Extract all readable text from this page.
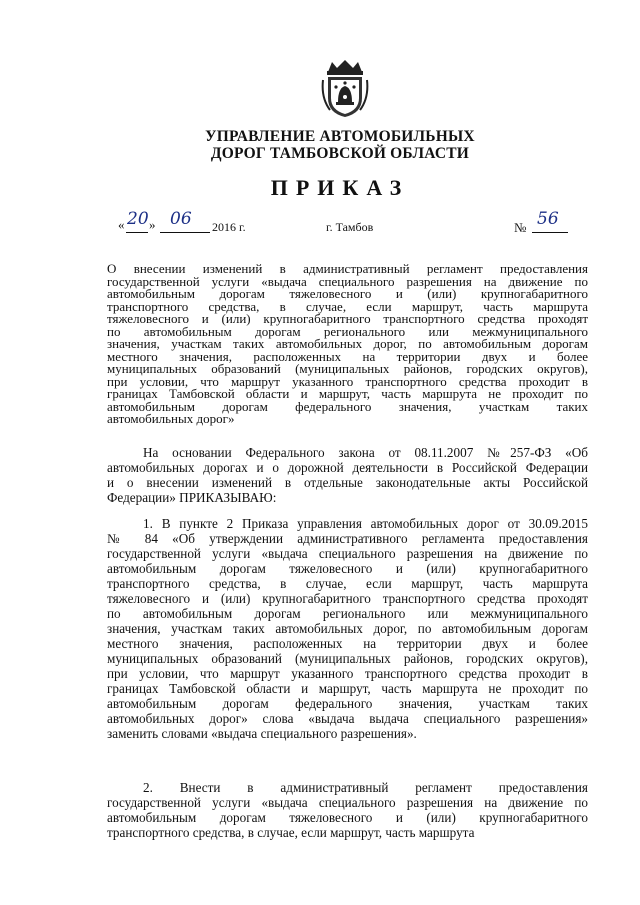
УПРАВЛЕНИЕ АВТОМОБИЛЬНЫХ
ДОРОГ ТАМБОВСКОЙ ОБЛАСТИ
ПРИКАЗ
« 20 » 06 2016 г.	г. Тамбов	№ 56
О внесении изменений в административный регламент предоставления
государственной услуги «выдача специального разрешения на движение по
автомобильным дорогам тяжеловесного и (или) крупногабаритного
транспортного средства, в случае, если маршрут, часть маршрута
тяжеловесного и (или) крупногабаритного транспортного средства проходят
по автомобильным дорогам регионального или межмуниципального
значения, участкам таких автомобильных дорог, по автомобильным дорогам
местного значения, расположенных на территории двух и более
муниципальных образований (муниципальных районов, городских округов),
при условии, что маршрут указанного транспортного средства проходит в
границах Тамбовской области и маршрут, часть маршрута не проходит по
автомобильным дорогам федерального значения, участкам таких
автомобильных дорог»
На основании Федерального закона от 08.11.2007 №257-ФЗ «Об
автомобильных дорогах и о дорожной деятельности в Российской Федерации
и о внесении изменений в отдельные законодательные акты Российской
Федерации» ПРИКАЗЫВАЮ:
1. В пункте 2 Приказа управления автомобильных дорог от 30.09.2015
№ 84 «Об утверждении административного регламента предоставления
государственной услуги «выдача специального разрешения на движение по
автомобильным дорогам тяжеловесного и (или) крупногабаритного
транспортного средства, в случае, если маршрут, часть маршрута
тяжеловесного и (или) крупногабаритного транспортного средства проходят
по автомобильным дорогам регионального или межмуниципального
значения, участкам таких автомобильных дорог, по автомобильным дорогам
местного значения, расположенных на территории двух и более
муниципальных образований (муниципальных районов, городских округов),
при условии, что маршрут указанного транспортного средства проходит в
границах Тамбовской области и маршрут, часть маршрута не проходит по
автомобильным дорогам федерального значения, участкам таких
автомобильных дорог» слова «выдача выдача специального разрешения»
заменить словами «выдача специального разрешения».
2. Внести в административный регламент предоставления
государственной услуги «выдача специального разрешения на движение по
автомобильным дорогам тяжеловесного и (или) крупногабаритного
транспортного средства, в случае, если маршрут, часть маршрута
